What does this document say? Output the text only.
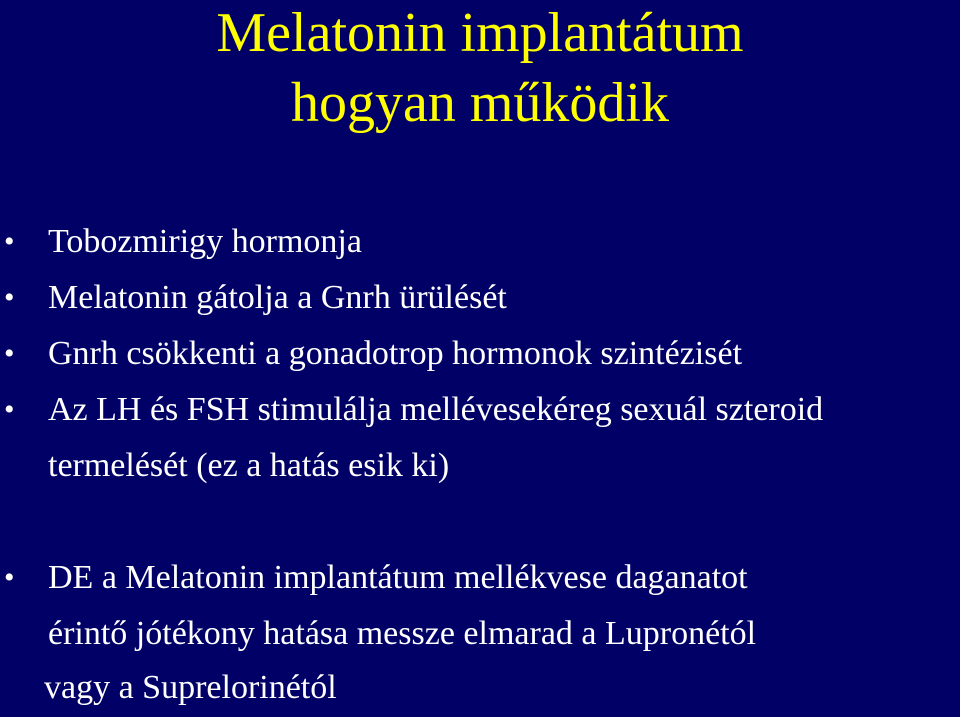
Melatonin implantátum
hogyan működik
• Tobozmirigy hormonja
• Melatonin gátolja a Gnrh ürülését
• Gnrh csökkenti a gonadotrop hormonok szintézisét
• Az LH és FSH stimulálja mellévesekéreg sexuál szteroid
termelését (ez a hatás esik ki)
• DE a Melatonin implantátum mellékvese daganatot
érintő jótékony hatása messze elmarad a Lupronétól
vagy a Suprelorinétól
